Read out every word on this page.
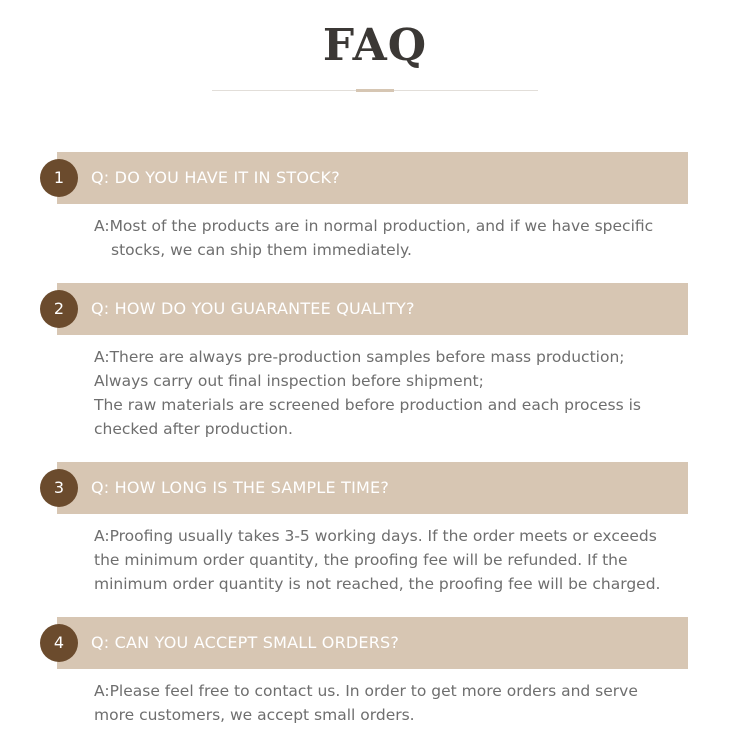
FAQ
1	Q: DO YOU HAVE IT IN STOCK?
A:Most of the products are in normal production, and if we have specific
stocks, we can ship them immediately.
2	Q: HOW DO YOU GUARANTEE QUALITY?
A:There are always pre-production samples before mass production;
Always carry out final inspection before shipment;
The raw materials are screened before production and each process is
checked after production.
3	Q: HOW LONG IS THE SAMPLE TIME?
A:Proofing usually takes 3-5 working days. If the order meets or exceeds
the minimum order quantity, the proofing fee will be refunded. If the
minimum order quantity is not reached, the proofing fee will be charged.
4	Q: CAN YOU ACCEPT SMALL ORDERS?
A:Please feel free to contact us. In order to get more orders and serve
more customers, we accept small orders.
